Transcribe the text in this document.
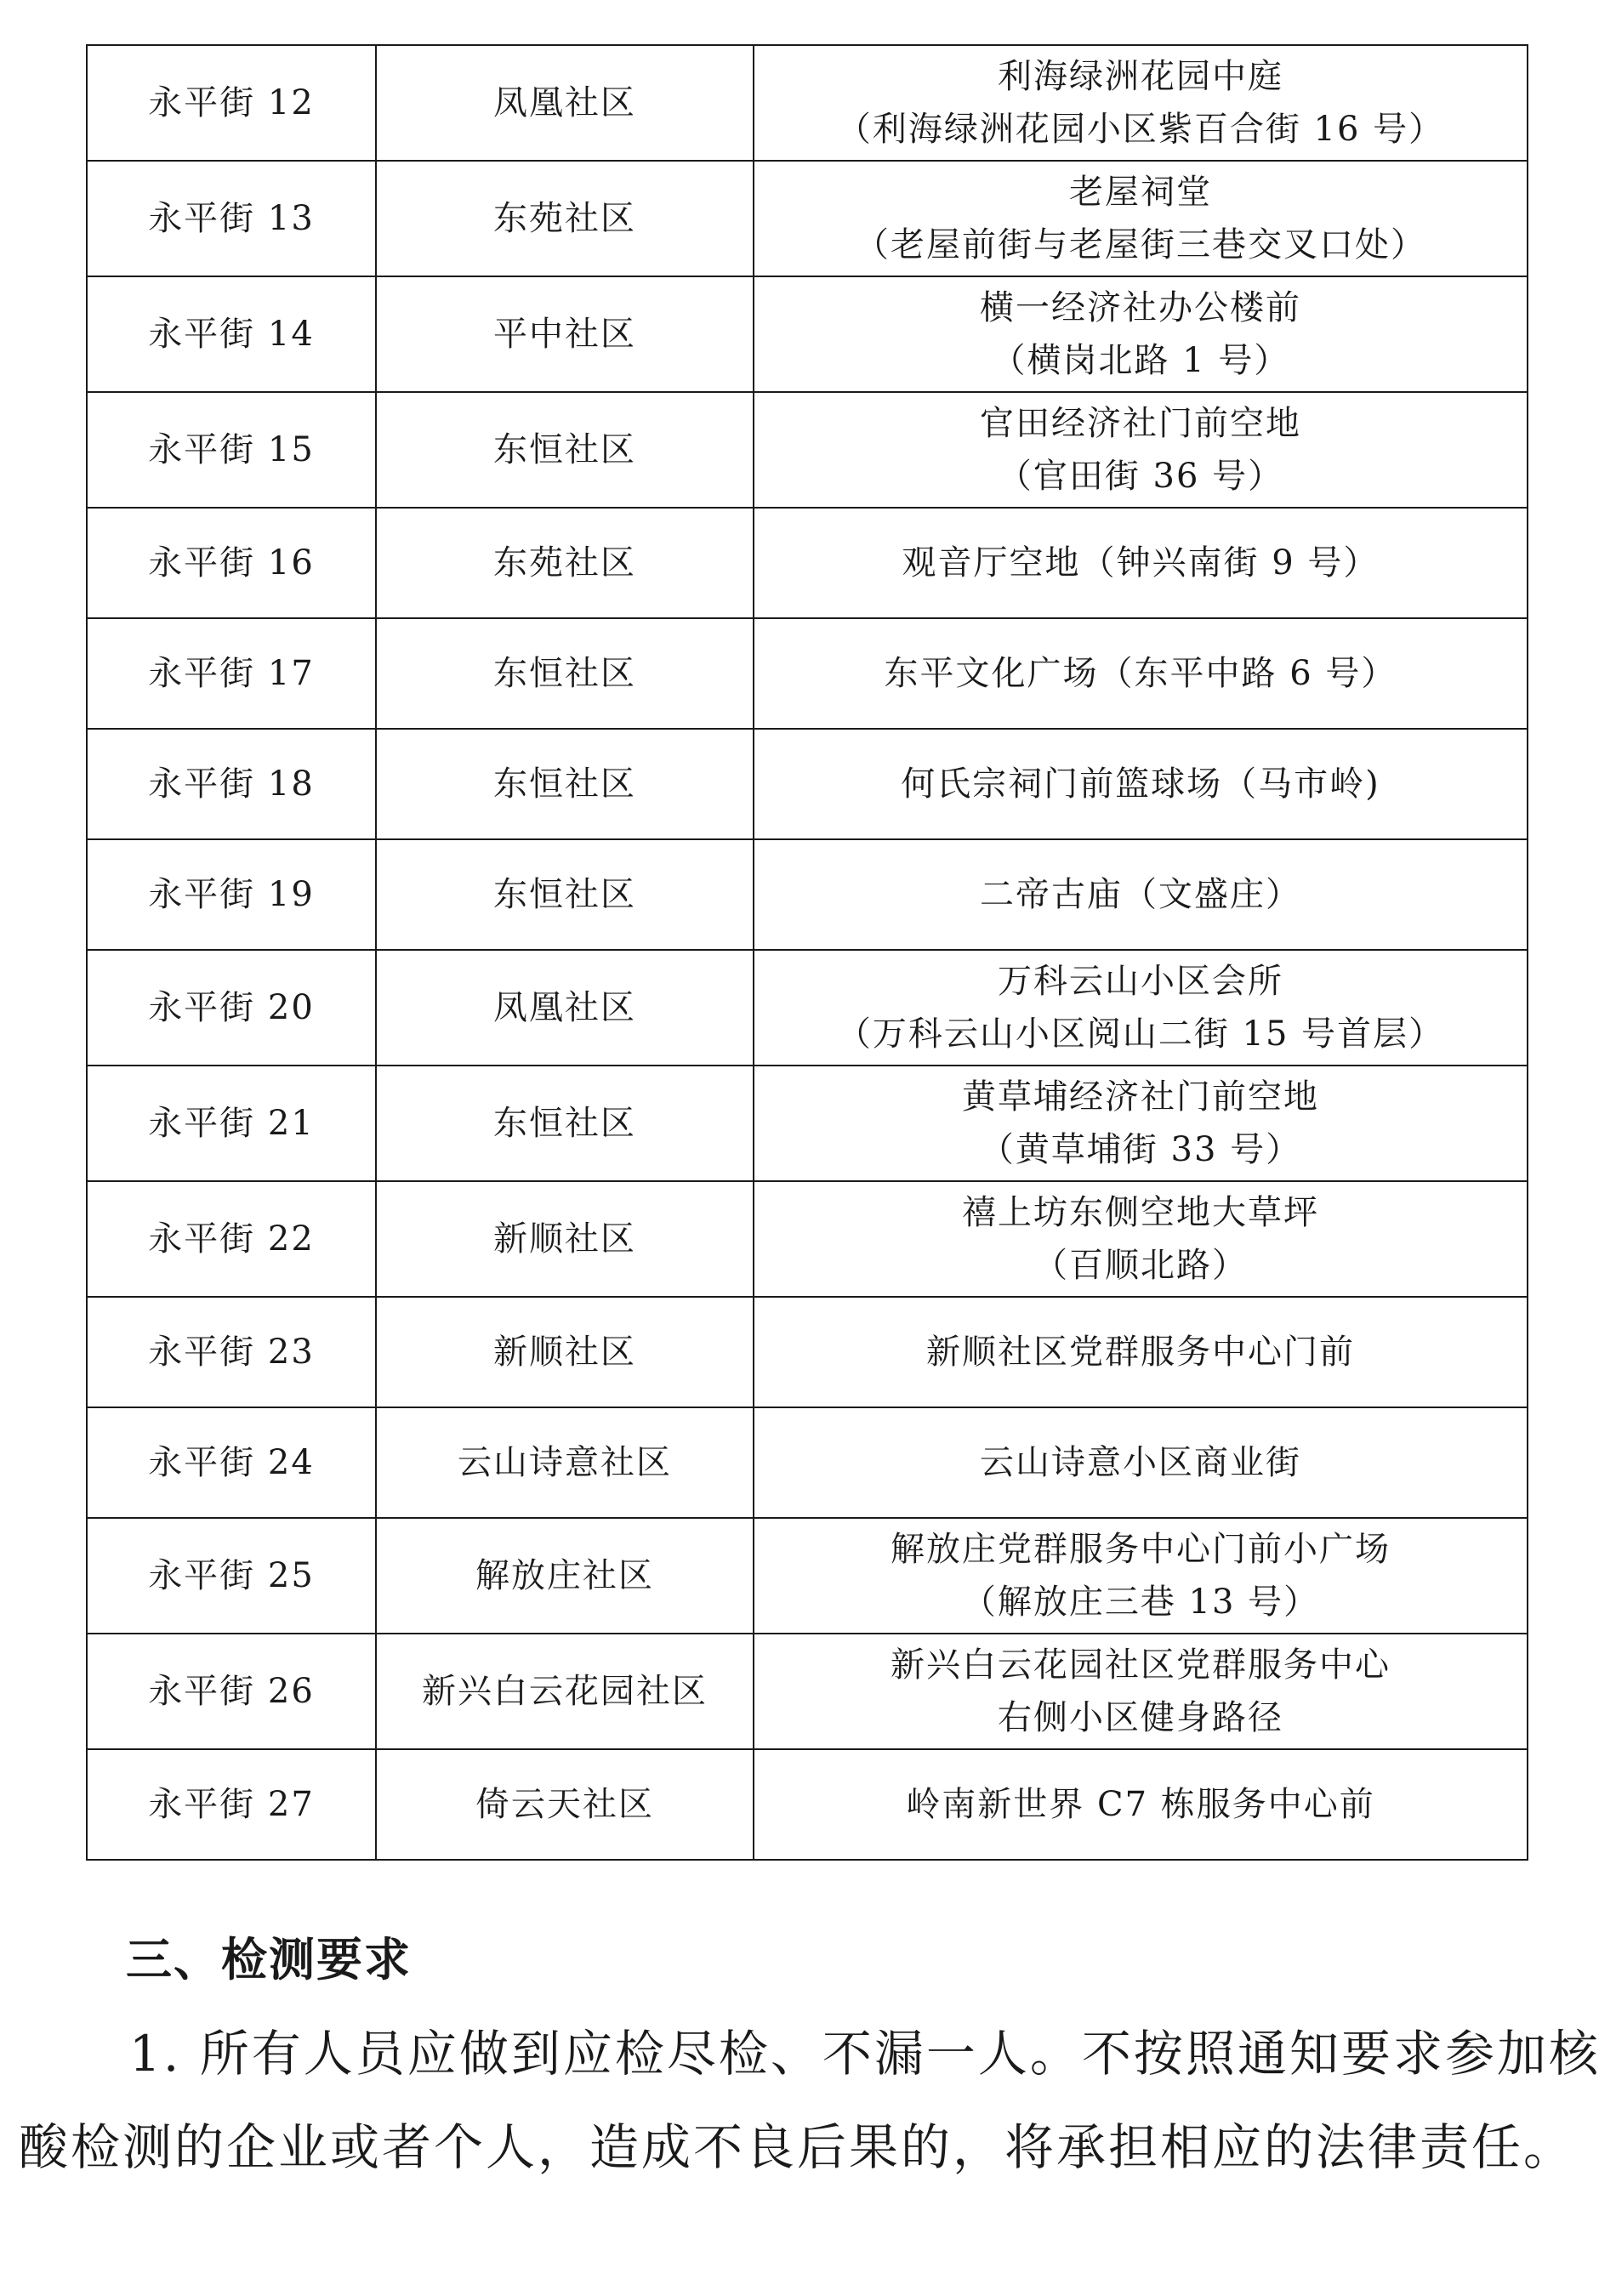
永平街 12	凤凰社区	利海绿洲花园中庭
（利海绿洲花园小区紫百合街 16 号）

永平街 13	东苑社区	老屋祠堂
（老屋前街与老屋街三巷交叉口处）

永平街 14	平中社区	横一经济社办公楼前
（横岗北路 1 号）

永平街 15	东恒社区	官田经济社门前空地
（官田街 36 号）

永平街 16	东苑社区	观音厅空地（钟兴南街 9 号）

永平街 17	东恒社区	东平文化广场（东平中路 6 号）

永平街 18	东恒社区	何氏宗祠门前篮球场（马市岭)

永平街 19	东恒社区	二帝古庙（文盛庄）

永平街 20	凤凰社区	万科云山小区会所
（万科云山小区阅山二街 15 号首层）

永平街 21	东恒社区	黄草埔经济社门前空地
（黄草埔街 33 号）

永平街 22	新顺社区	禧上坊东侧空地大草坪
（百顺北路）

永平街 23	新顺社区	新顺社区党群服务中心门前

永平街 24	云山诗意社区	云山诗意小区商业街

永平街 25	解放庄社区	解放庄党群服务中心门前小广场
（解放庄三巷 13 号）

永平街 26	新兴白云花园社区	新兴白云花园社区党群服务中心
右侧小区健身路径

永平街 27	倚云天社区	岭南新世界 C7 栋服务中心前
三、检测要求

1. 所有人员应做到应检尽检、不漏一人。不按照通知要求参加核酸检测的企业或者个人，造成不良后果的，将承担相应的法律责任。
